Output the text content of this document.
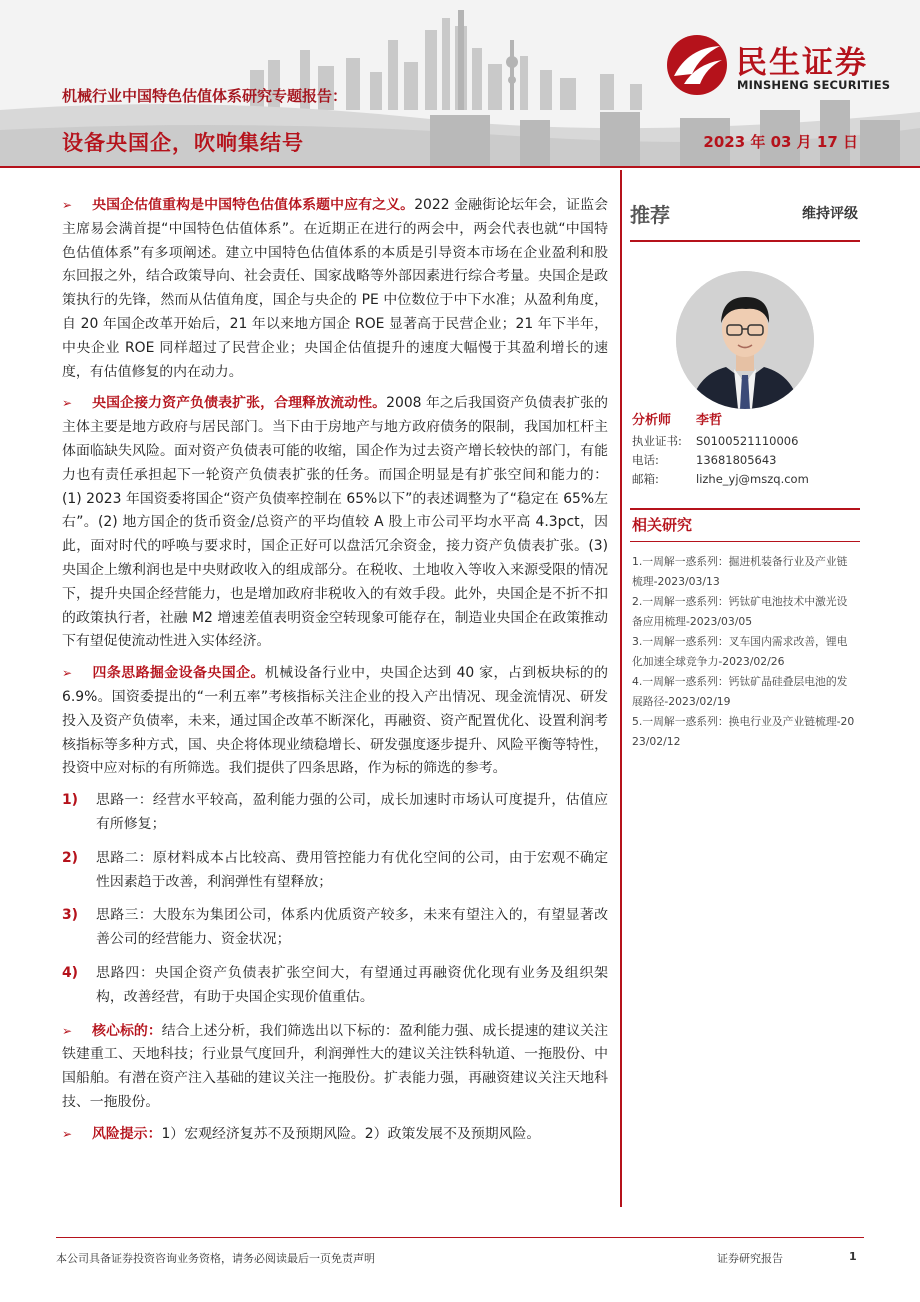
机械行业中国特色估值体系研究专题报告：
设备央国企，吹响集结号	2023 年 03 月 17 日
民生证券
MINSHENG SECURITIES

➢ 央国企估值重构是中国特色估值体系题中应有之义。2022 金融街论坛年会，证监会主席易会满首提“中国特色估值体系”。在近期正在进行的两会中，两会代表也就“中国特色估值体系”有多项阐述。建立中国特色估值体系的本质是引导资本市场在企业盈利和股东回报之外，结合政策导向、社会责任、国家战略等外部因素进行综合考量。央国企是政策执行的先锋，然而从估值角度，国企与央企的 PE 中位数位于中下水准；从盈利角度，自 20 年国企改革开始后，21 年以来地方国企 ROE 显著高于民营企业；21 年下半年，中央企业 ROE 同样超过了民营企业；央国企估值提升的速度大幅慢于其盈利增长的速度，有估值修复的内在动力。

➢ 央国企接力资产负债表扩张，合理释放流动性。2008 年之后我国资产负债表扩张的主体主要是地方政府与居民部门。当下由于房地产与地方政府债务的限制，我国加杠杆主体面临缺失风险。面对资产负债表可能的收缩，国企作为过去资产增长较快的部门，有能力也有责任承担起下一轮资产负债表扩张的任务。而国企明显是有扩张空间和能力的：(1) 2023 年国资委将国企“资产负债率控制在 65%以下”的表述调整为了“稳定在 65%左右”。(2) 地方国企的货币资金/总资产的平均值较 A 股上市公司平均水平高 4.3pct，因此，面对时代的呼唤与要求时，国企正好可以盘活冗余资金，接力资产负债表扩张。(3) 央国企上缴利润也是中央财政收入的组成部分。在税收、土地收入等收入来源受限的情况下，提升央国企经营能力，也是增加政府非税收入的有效手段。此外，央国企是不折不扣的政策执行者，社融 M2 增速差值表明资金空转现象可能存在，制造业央国企在政策推动下有望促使流动性进入实体经济。

➢ 四条思路掘金设备央国企。机械设备行业中，央国企达到 40 家，占到板块标的的 6.9%。国资委提出的“一利五率”考核指标关注企业的投入产出情况、现金流情况、研发投入及资产负债率，未来，通过国企改革不断深化，再融资、资产配置优化、设置利润考核指标等多种方式，国、央企将体现业绩稳增长、研发强度逐步提升、风险平衡等特性，投资中应对标的有所筛选。我们提供了四条思路，作为标的筛选的参考。

1) 思路一：经营水平较高，盈利能力强的公司，成长加速时市场认可度提升，估值应有所修复；
2) 思路二：原材料成本占比较高、费用管控能力有优化空间的公司，由于宏观不确定性因素趋于改善，利润弹性有望释放；
3) 思路三：大股东为集团公司，体系内优质资产较多，未来有望注入的，有望显著改善公司的经营能力、资金状况；
4) 思路四：央国企资产负债表扩张空间大，有望通过再融资优化现有业务及组织架构，改善经营，有助于央国企实现价值重估。

➢ 核心标的：结合上述分析，我们筛选出以下标的：盈利能力强、成长提速的建议关注铁建重工、天地科技；行业景气度回升，利润弹性大的建议关注铁科轨道、一拖股份、中国船舶。有潜在资产注入基础的建议关注一拖股份。扩表能力强，再融资建议关注天地科技、一拖股份。

➢ 风险提示：1）宏观经济复苏不及预期风险。2）政策发展不及预期风险。

推荐	维持评级
分析师	李哲
执业证书:	S0100521110006
电话:	13681805643
邮箱:	lizhe_yj@mszq.com
相关研究
1.一周解一惑系列：掘进机装备行业及产业链梳理-2023/03/13
2.一周解一惑系列：钙钛矿电池技术中激光设备应用梳理-2023/03/05
3.一周解一惑系列：叉车国内需求改善，锂电化加速全球竞争力-2023/02/26
4.一周解一惑系列：钙钛矿晶硅叠层电池的发展路径-2023/02/19
5.一周解一惑系列：换电行业及产业链梳理-2023/02/12
本公司具备证券投资咨询业务资格，请务必阅读最后一页免责声明	证券研究报告	1
